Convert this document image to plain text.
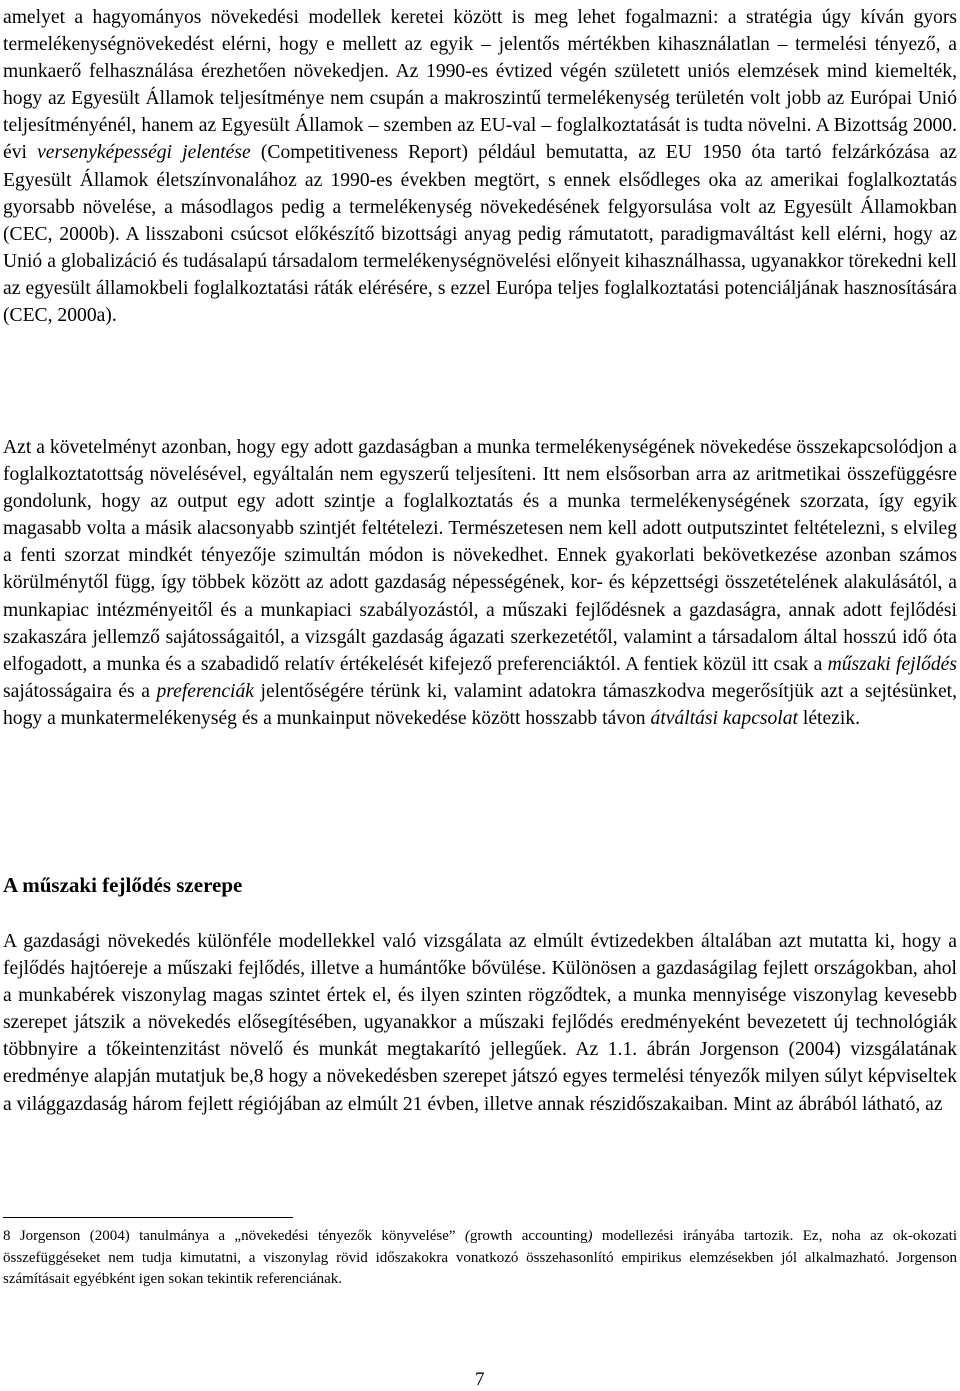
amelyet a hagyományos növekedési modellek keretei között is meg lehet fogalmazni: a stratégia úgy kíván gyors termelékenységnövekedést elérni, hogy e mellett az egyik – jelentős mértékben kihasználatlan – termelési tényező, a munkaerő felhasználása érezhetően növekedjen. Az 1990-es évtized végén született uniós elemzések mind kiemelték, hogy az Egyesült Államok teljesítménye nem csupán a makroszintű termelékenység területén volt jobb az Európai Unió teljesítményénél, hanem az Egyesült Államok – szemben az EU-val – foglalkoztatását is tudta növelni. A Bizottság 2000. évi versenyképességi jelentése (Competitiveness Report) például bemutatta, az EU 1950 óta tartó felzárkózása az Egyesült Államok életszínvonalához az 1990-es években megtört, s ennek elsődleges oka az amerikai foglalkoztatás gyorsabb növelése, a másodlagos pedig a termelékenység növekedésének felgyorsulása volt az Egyesült Államokban (CEC, 2000b). A lisszaboni csúcsot előkészítő bizottsági anyag pedig rámutatott, paradigmaváltást kell elérni, hogy az Unió a globalizáció és tudásalapú társadalom termelékenységnövelési előnyeit kihasználhassa, ugyanakkor törekedni kell az egyesült államokbeli foglalkoztatási ráták elérésére, s ezzel Európa teljes foglalkoztatási potenciáljának hasznosítására (CEC, 2000a).

Azt a követelményt azonban, hogy egy adott gazdaságban a munka termelékenységének növekedése összekapcsolódjon a foglalkoztatottság növelésével, egyáltalán nem egyszerű teljesíteni. Itt nem elsősorban arra az aritmetikai összefüggésre gondolunk, hogy az output egy adott szintje a foglalkoztatás és a munka termelékenységének szorzata, így egyik magasabb volta a másik alacsonyabb szintjét feltételezi. Természetesen nem kell adott outputszintet feltételezni, s elvileg a fenti szorzat mindkét tényezője szimultán módon is növekedhet. Ennek gyakorlati bekövetkezése azonban számos körülménytől függ, így többek között az adott gazdaság népességének, kor- és képzettségi összetételének alakulásától, a munkapiac intézményeitől és a munkapiaci szabályozástól, a műszaki fejlődésnek a gazdaságra, annak adott fejlődési szakaszára jellemző sajátosságaitól, a vizsgált gazdaság ágazati szerkezetétől, valamint a társadalom által hosszú idő óta elfogadott, a munka és a szabadidő relatív értékelését kifejező preferenciáktól. A fentiek közül itt csak a műszaki fejlődés sajátosságaira és a preferenciák jelentőségére térünk ki, valamint adatokra támaszkodva megerősítjük azt a sejtésünket, hogy a munkatermelékenység és a munkainput növekedése között hosszabb távon átváltási kapcsolat létezik.

A műszaki fejlődés szerepe

A gazdasági növekedés különféle modellekkel való vizsgálata az elmúlt évtizedekben általában azt mutatta ki, hogy a fejlődés hajtóereje a műszaki fejlődés, illetve a humántőke bővülése. Különösen a gazdaságilag fejlett országokban, ahol a munkabérek viszonylag magas szintet értek el, és ilyen szinten rögződtek, a munka mennyisége viszonylag kevesebb szerepet játszik a növekedés elősegítésében, ugyanakkor a műszaki fejlődés eredményeként bevezetett új technológiák többnyire a tőkeintenzitást növelő és munkát megtakarító jellegűek. Az 1.1. ábrán Jorgenson (2004) vizsgálatának eredménye alapján mutatjuk be,8 hogy a növekedésben szerepet játszó egyes termelési tényezők milyen súlyt képviseltek a világgazdaság három fejlett régiójában az elmúlt 21 évben, illetve annak részidőszakaiban. Mint az ábrából látható, az

8 Jorgenson (2004) tanulmánya a „növekedési tényezők könyvelése” (growth accounting) modellezési irányába tartozik. Ez, noha az ok-okozati összefüggéseket nem tudja kimutatni, a viszonylag rövid időszakokra vonatkozó összehasonlító empirikus elemzésekben jól alkalmazható. Jorgenson számításait egyébként igen sokan tekintik referenciának.

7
